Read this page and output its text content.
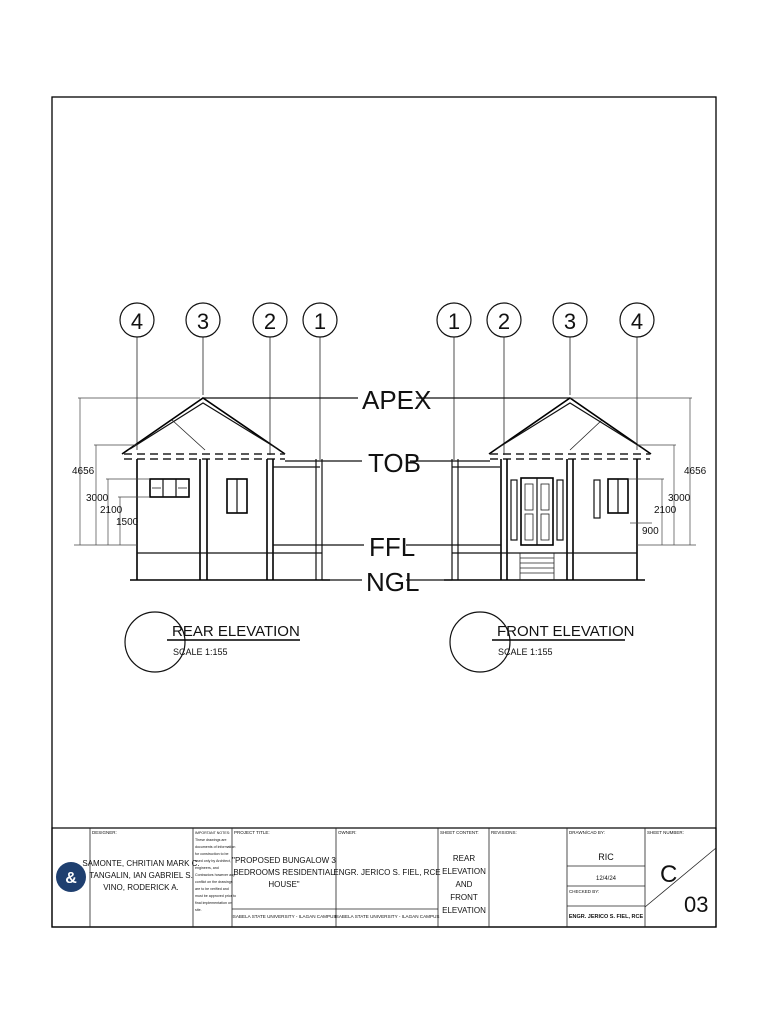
4 3 2 1
4656
3000
2100
1500
1 2 3 4
4656
3000
2100
900
APEX
TOB
FFL
NGL
REAR ELEVATION
SCALE 1:155
FRONT ELEVATION
SCALE 1:155
&
DESIGNER:
SAMONTE, CHRITIAN MARK C.
TANGALIN, IAN GABRIEL S.
VINO, RODERICK A.
IMPORTANT NOTES:
These drawings are
documents of information
for construction to be
used only by Architect,
engineers, and
Contractors however any
conflict on the drawings
are to be verified and
must be approved prior to
final implementation on
site.
PROJECT TITLE:
"PROPOSED BUNGALOW 3
BEDROOMS RESIDENTIAL
HOUSE"
ISABELA STATE UNIVERSITY - ILAGAN CAMPUS
OWNER:
ENGR. JERICO S. FIEL, RCE
ISABELA STATE UNIVERSITY - ILAGAN CAMPUS
SHEET CONTENT:
REAR
ELEVATION
AND
FRONT
ELEVATION
REVISIONS:	DRAWN/CAD BY:
RIC
12/4/24
CHECKED BY:
ENGR. JERICO S. FIEL, RCE
SHEET NUMBER:
C
03
